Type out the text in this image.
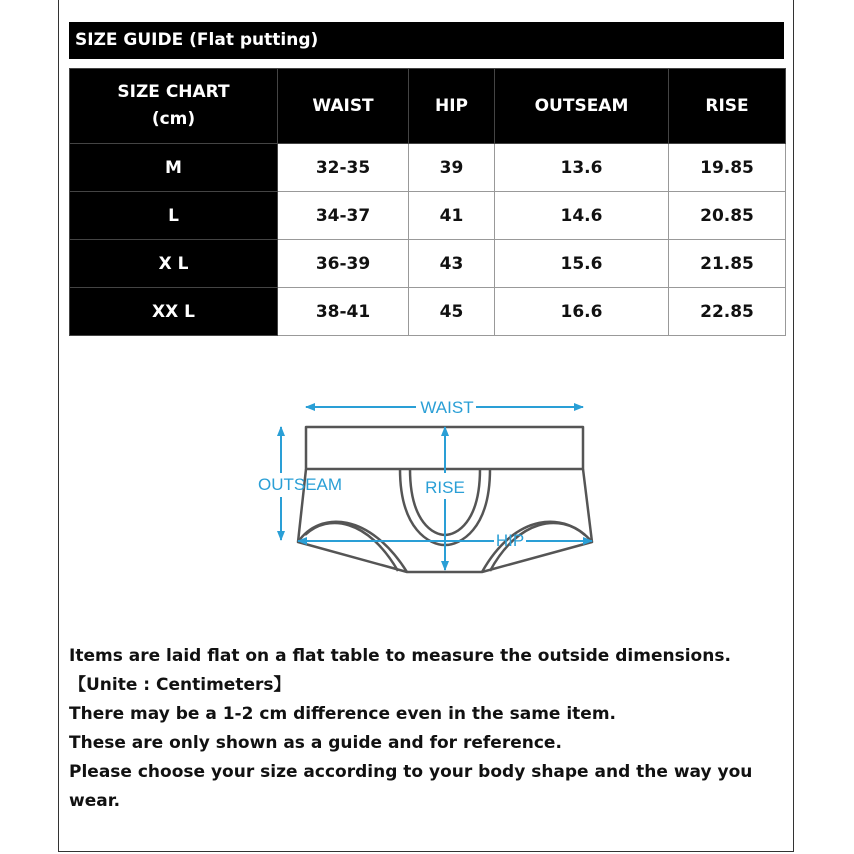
SIZE GUIDE (Flat putting)
SIZE CHART
(cm)	WAIST	HIP	OUTSEAM	RISE
M	32-35	39	13.6	19.85
L	34-37	41	14.6	20.85
X L	36-39	43	15.6	21.85
XX L	38-41	45	16.6	22.85
WAIST
OUTSEAM	RISE
HIP

Items are laid flat on a flat table to measure the outside dimensions.

【Unite : Centimeters】

There may be a 1-2 cm difference even in the same item.

These are only shown as a guide and for reference.

Please choose your size according to your body shape and the way you wear.
